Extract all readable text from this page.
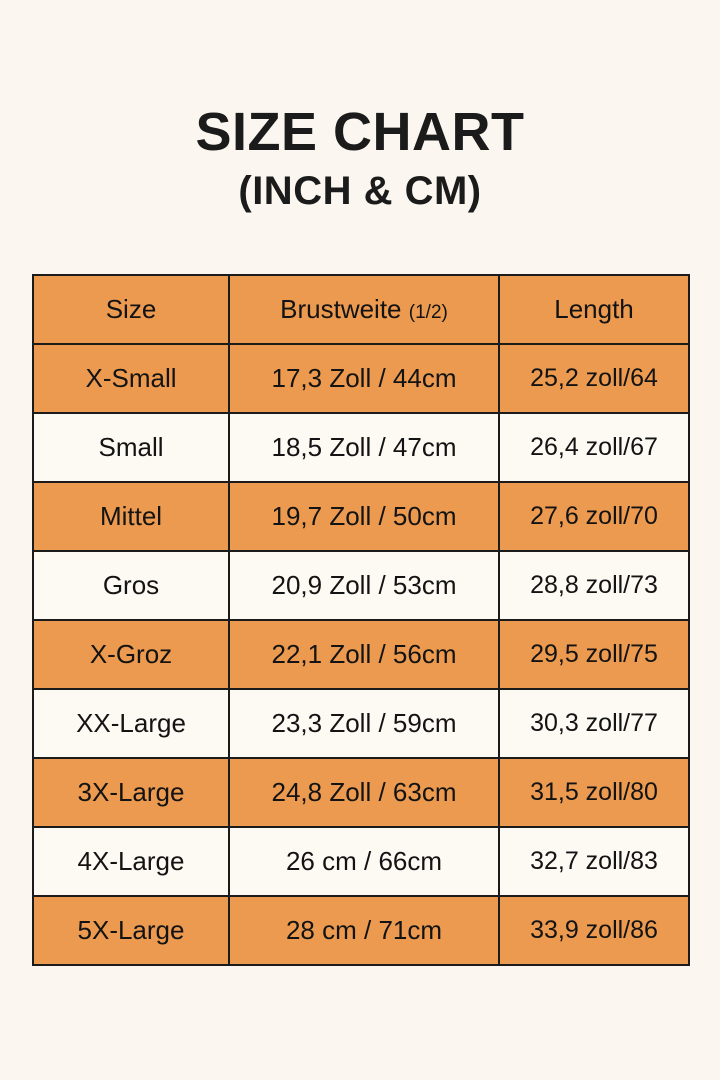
SIZE CHART
(INCH & CM)
Size	Brustweite (1/2)	Length
X-Small	17,3 Zoll / 44cm	25,2 zoll/64
Small	18,5 Zoll / 47cm	26,4 zoll/67
Mittel	19,7 Zoll / 50cm	27,6 zoll/70
Gros	20,9 Zoll / 53cm	28,8 zoll/73
X-Groz	22,1 Zoll / 56cm	29,5 zoll/75
XX-Large	23,3 Zoll / 59cm	30,3 zoll/77
3X-Large	24,8 Zoll / 63cm	31,5 zoll/80
4X-Large	26 cm / 66cm	32,7 zoll/83
5X-Large	28 cm / 71cm	33,9 zoll/86
